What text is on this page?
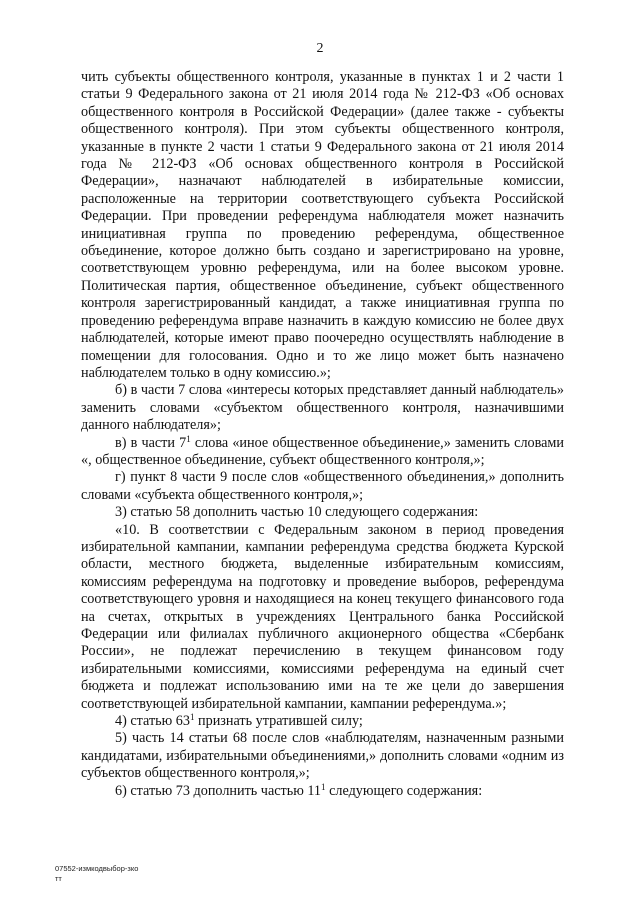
2

чить субъекты общественного контроля, указанные в пунктах 1 и 2 части 1 статьи 9 Федерального закона от 21 июля 2014 года № 212-ФЗ «Об основах общественного контроля в Российской Федерации» (далее также - субъекты общественного контроля). При этом субъекты общественного контроля, указанные в пункте 2 части 1 статьи 9 Федерального закона от 21 июля 2014 года № 212-ФЗ «Об основах общественного контроля в Российской Федерации», назначают наблюдателей в избирательные комиссии, расположенные на территории соответствующего субъекта Российской Федерации. При проведении референдума наблюдателя может назначить инициативная группа по проведению референдума, общественное объединение, которое должно быть создано и зарегистрировано на уровне, соответствующем уровню референдума, или на более высоком уровне. Политическая партия, общественное объединение, субъект общественного контроля зарегистрированный кандидат, а также инициативная группа по проведению референдума вправе назначить в каждую комиссию не более двух наблюдателей, которые имеют право поочередно осуществлять наблюдение в помещении для голосования. Одно и то же лицо может быть назначено наблюдателем только в одну комиссию.»;

б) в части 7 слова «интересы которых представляет данный наблюдатель» заменить словами «субъектом общественного контроля, назначившими данного наблюдателя»;

в) в части $7^1$ слова «иное общественное объединение,» заменить словами «, общественное объединение, субъект общественного контроля,»;

г) пункт 8 части 9 после слов «общественного объединения,» дополнить словами «субъекта общественного контроля,»;

3) статью 58 дополнить частью 10 следующего содержания:

«10. В соответствии с Федеральным законом в период проведения избирательной кампании, кампании референдума средства бюджета Курской области, местного бюджета, выделенные избирательным комиссиям, комиссиям референдума на подготовку и проведение выборов, референдума соответствующего уровня и находящиеся на конец текущего финансового года на счетах, открытых в учреждениях Центрального банка Российской Федерации или филиалах публичного акционерного общества «Сбербанк России», не подлежат перечислению в текущем финансовом году избирательными комиссиями, комиссиями референдума на единый счет бюджета и подлежат использованию ими на те же цели до завершения соответствующей избирательной кампании, кампании референдума.»;

4) статью $63^1$ признать утратившей силу;

5) часть 14 статьи 68 после слов «наблюдателям, назначенным разными кандидатами, избирательными объединениями,» дополнить словами «одним из субъектов общественного контроля,»;

6) статью 73 дополнить частью $11^1$ следующего содержания:

07552-измкодвыбор-зко
тт
